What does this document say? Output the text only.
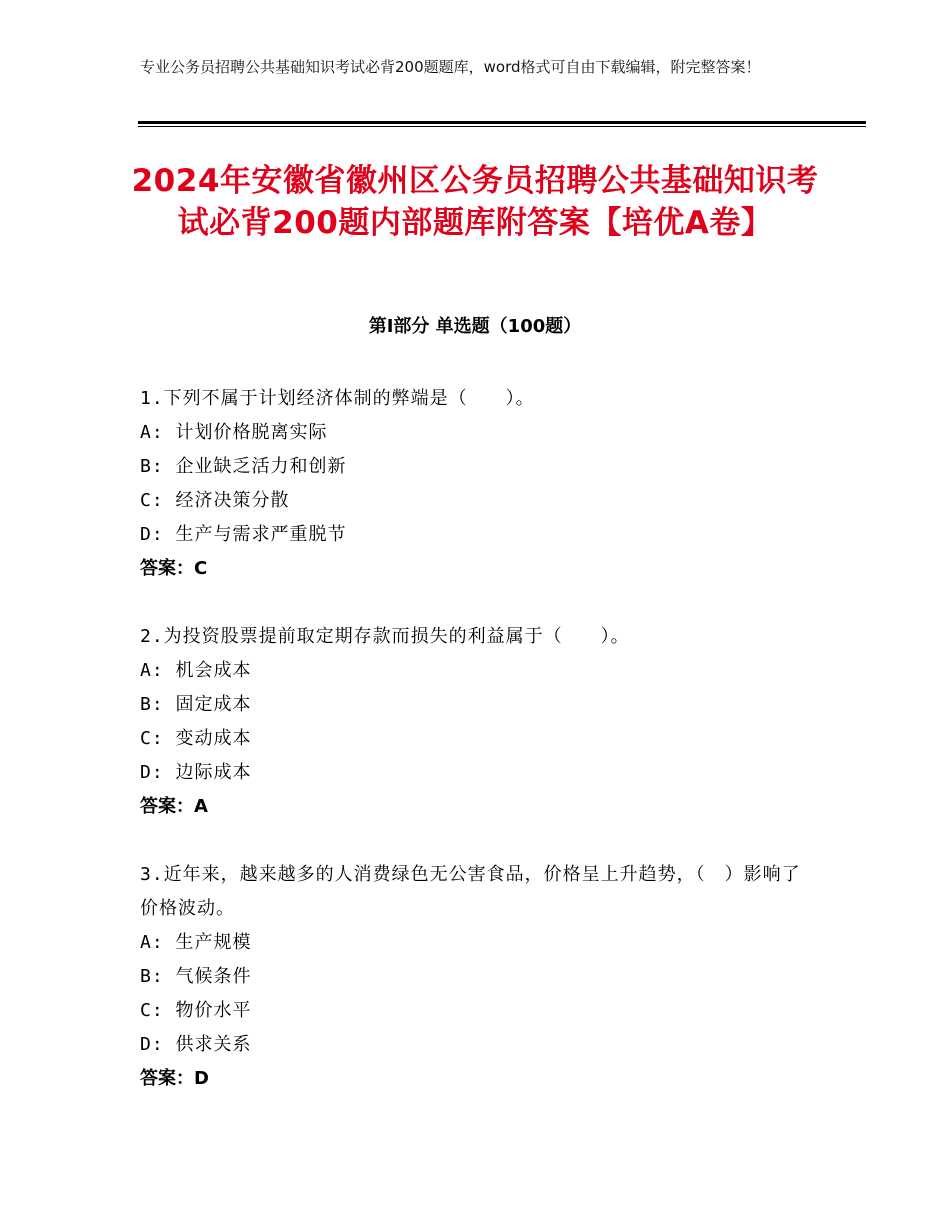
专业公务员招聘公共基础知识考试必背200题题库，word格式可自由下载编辑，附完整答案！
2024年安徽省徽州区公务员招聘公共基础知识考试必背200题内部题库附答案【培优A卷】
第Ⅰ部分 单选题（100题）
1.下列不属于计划经济体制的弊端是（　　）。
A: 计划价格脱离实际
B: 企业缺乏活力和创新
C: 经济决策分散
D: 生产与需求严重脱节
答案：C
2.为投资股票提前取定期存款而损失的利益属于（　　）。
A: 机会成本
B: 固定成本
C: 变动成本
D: 边际成本
答案：A
3.近年来，越来越多的人消费绿色无公害食品，价格呈上升趋势，（　）影响了价格波动。
A: 生产规模
B: 气候条件
C: 物价水平
D: 供求关系
答案：D
